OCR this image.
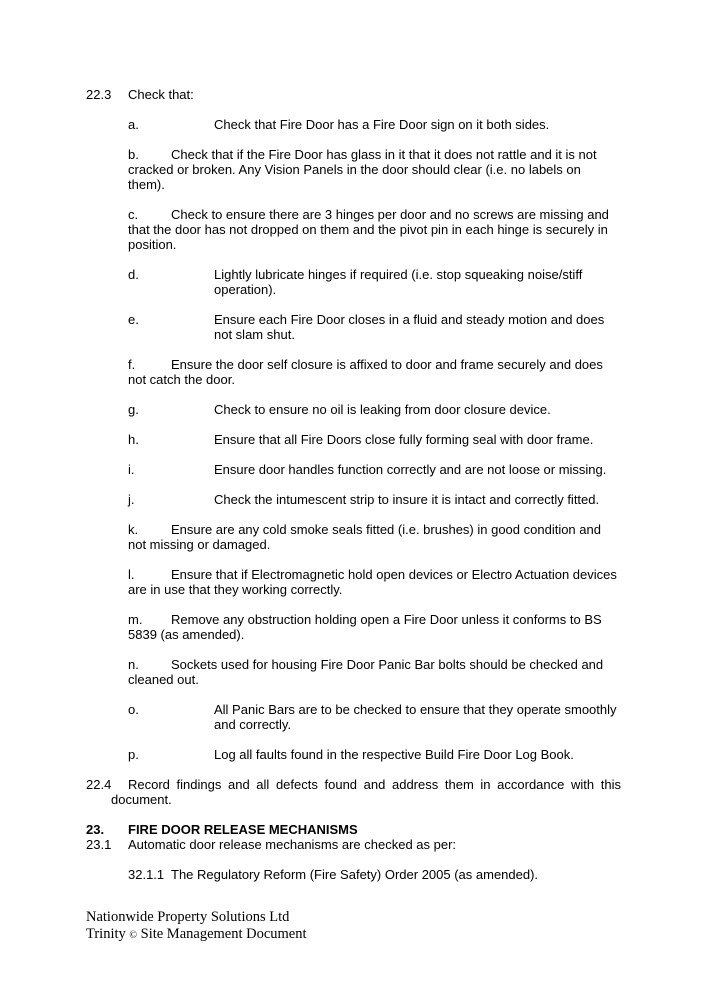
22.3 Check that:
a.	Check that Fire Door has a Fire Door sign on it both sides.
b. Check that if the Fire Door has glass in it that it does not rattle and it is not
cracked or broken. Any Vision Panels in the door should clear (i.e. no labels on
them).
c.	Check to ensure there are 3 hinges per door and no screws are missing and
that the door has not dropped on them and the pivot pin in each hinge is securely in
position.
d.	Lightly lubricate hinges if required (i.e. stop squeaking noise/stiff
operation).
e.	Ensure each Fire Door closes in a fluid and steady motion and does
not slam shut.
f.	Ensure the door self closure is affixed to door and frame securely and does
not catch the door.
g.	Check to ensure no oil is leaking from door closure device.
h.	Ensure that all Fire Doors close fully forming seal with door frame.
i.	Ensure door handles function correctly and are not loose or missing.
j.	Check the intumescent strip to insure it is intact and correctly fitted.
k.	Ensure are any cold smoke seals fitted (i.e. brushes) in good condition and
not missing or damaged.
l.	Ensure that if Electromagnetic hold open devices or Electro Actuation devices
are in use that they working correctly.
m. Remove any obstruction holding open a Fire Door unless it conforms to BS
5839 (as amended).
n. Sockets used for housing Fire Door Panic Bar bolts should be checked and
cleaned out.
o.	All Panic Bars are to be checked to ensure that they operate smoothly
and correctly.
p.	Log all faults found in the respective Build Fire Door Log Book.
22.4 Record findings and all defects found and address them in accordance with this
document.
23. FIRE DOOR RELEASE MECHANISMS
23.1 Automatic door release mechanisms are checked as per:
32.1.1 The Regulatory Reform (Fire Safety) Order 2005 (as amended).
Nationwide Property Solutions Ltd
Trinity © Site Management Document
